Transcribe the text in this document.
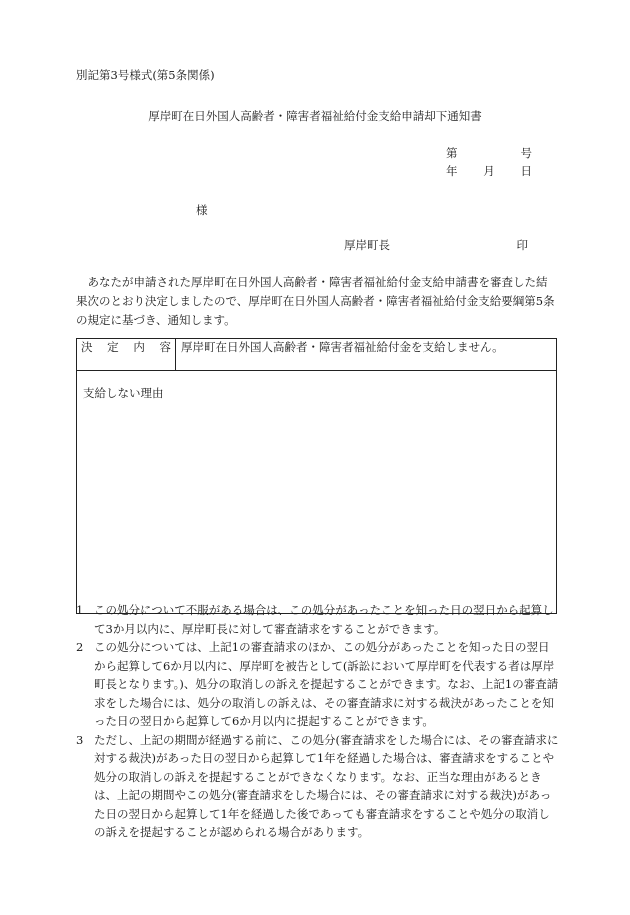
別記第3号様式(第5条関係)
厚岸町在日外国人高齢者・障害者福祉給付金支給申請却下通知書
第	号
年 月 日
様
厚岸町長	印
あなたが申請された厚岸町在日外国人高齢者・障害者福祉給付金支給申請書を審査した結果次のとおり決定しましたので、厚岸町在日外国人高齢者・障害者福祉給付金支給要綱第5条の規定に基づき、通知します。
決 定 内 容	厚岸町在日外国人高齢者・障害者福祉給付金を支給しません。
支給しない理由
1 この処分について不服がある場合は、この処分があったことを知った日の翌日から起算して3か月以内に、厚岸町長に対して審査請求をすることができます。
2 この処分については、上記1の審査請求のほか、この処分があったことを知った日の翌日から起算して6か月以内に、厚岸町を被告として(訴訟において厚岸町を代表する者は厚岸町長となります。)、処分の取消しの訴えを提起することができます。なお、上記1の審査請求をした場合には、処分の取消しの訴えは、その審査請求に対する裁決があったことを知った日の翌日から起算して6か月以内に提起することができます。
3 ただし、上記の期間が経過する前に、この処分(審査請求をした場合には、その審査請求に対する裁決)があった日の翌日から起算して1年を経過した場合は、審査請求をすることや処分の取消しの訴えを提起することができなくなります。なお、正当な理由があるときは、上記の期間やこの処分(審査請求をした場合には、その審査請求に対する裁決)があった日の翌日から起算して1年を経過した後であっても審査請求をすることや処分の取消しの訴えを提起することが認められる場合があります。
